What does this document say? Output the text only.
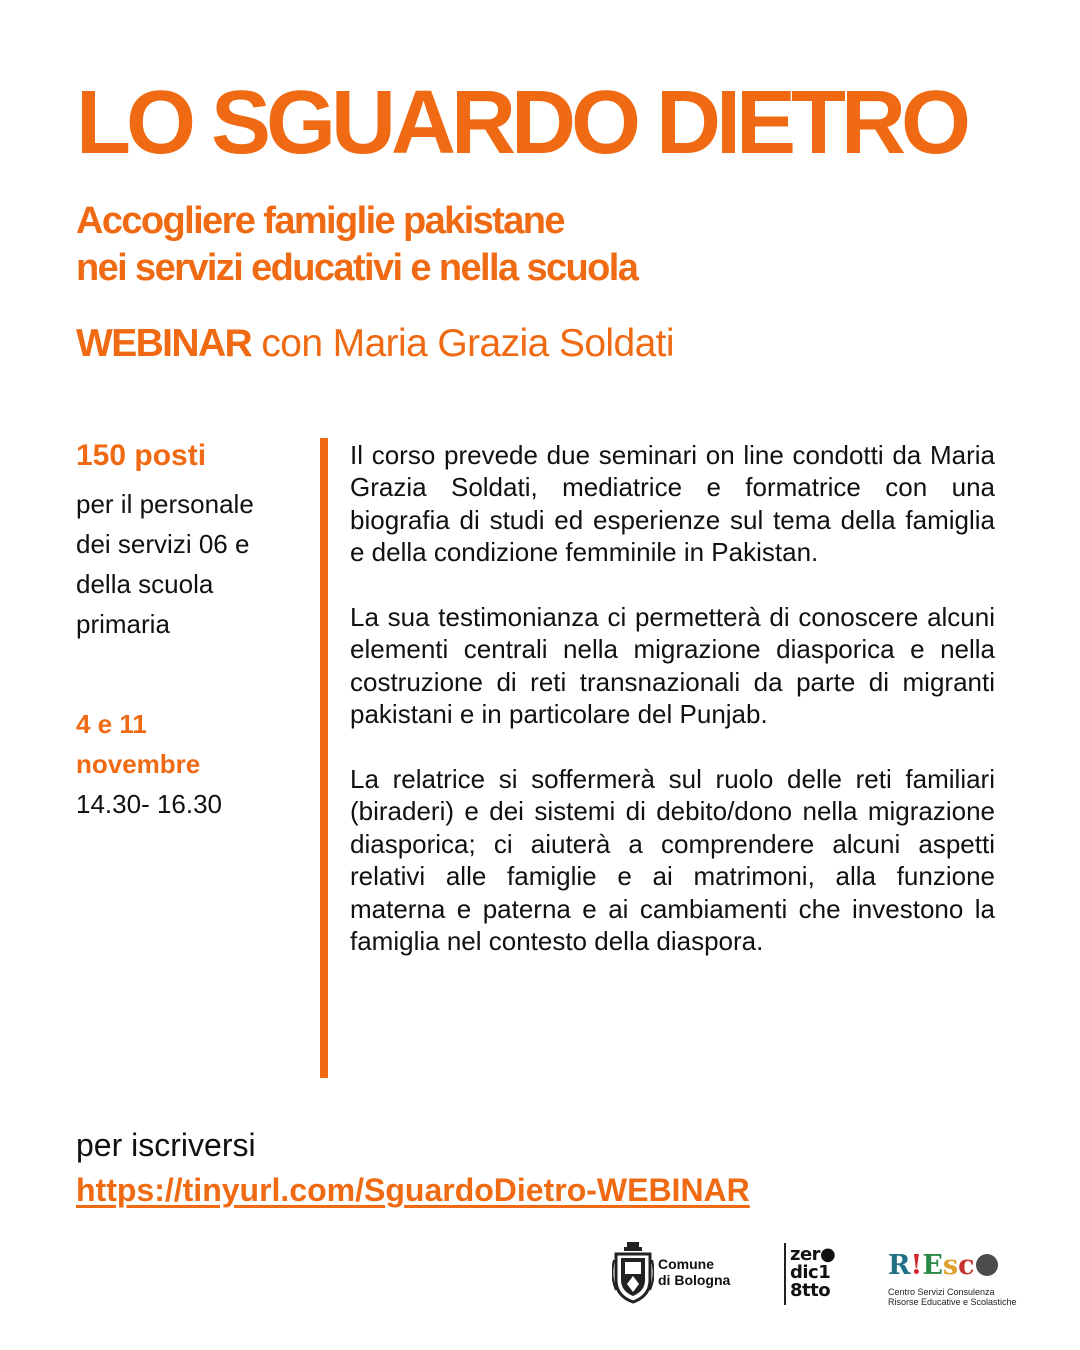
LO SGUARDO DIETRO
Accogliere famiglie pakistane
nei servizi educativi e nella scuola
WEBINAR con Maria Grazia Soldati

150 posti

per il personale
dei servizi 06 e
della scuola
primaria

4 e 11
novembre

14.30- 16.30

Il corso prevede due seminari on line condotti da Maria Grazia Soldati, mediatrice e formatrice con una biografia di studi ed esperienze sul tema della famiglia e della condizione femminile in Pakistan.

La sua testimonianza ci permetterà di conoscere alcuni elementi centrali nella migrazione diasporica e nella costruzione di reti transnazionali da parte di migranti pakistani e in particolare del Punjab.

La relatrice si soffermerà sul ruolo delle reti familiari (biraderi) e dei sistemi di debito/dono nella migrazione diasporica; ci aiuterà a comprendere alcuni aspetti relativi alle famiglie e ai matrimoni, alla funzione materna e paterna e ai cambiamenti che investono la famiglia nel contesto della diaspora.

per iscriversi

https://tinyurl.com/SguardoDietro-WEBINAR
Comune
di Bologna
zer●
dic1
8tto
R!Esc
Centro Servizi Consulenza
Risorse Educative e Scolastiche
